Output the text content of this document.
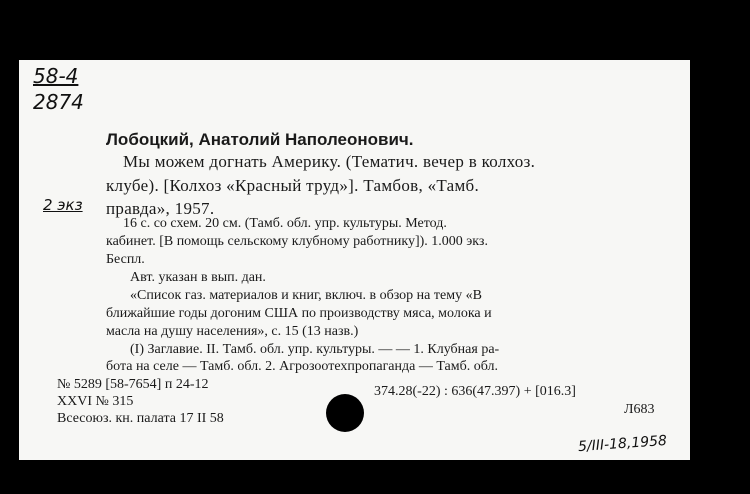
58-4
2874
2 экз
Лобоцкий, Анатолий Наполеонович.
Мы можем догнать Америку. (Тематич. вечер в колхоз.
клубе). [Колхоз «Красный труд»]. Тамбов, «Тамб.
правда», 1957.
16 с. со схем. 20 см. (Тамб. обл. упр. культуры. Метод.
кабинет. [В помощь сельскому клубному работнику]). 1.000 экз.
Беспл.
Авт. указан в вып. дан.
«Список газ. материалов и книг, включ. в обзор на тему «В
ближайшие годы догоним США по производству мяса, молока и
масла на душу населения», с. 15 (13 назв.)
(I) Заглавие. II. Тамб. обл. упр. культуры. — — 1. Клубная ра-
бота на селе — Тамб. обл. 2. Агрозоотехпропаганда — Тамб. обл.
№ 5289 [58-7654] п 24-12
XXVI № 315
Всесоюз. кн. палата 17 II 58
374.28(-22) : 636(47.397) + [016.3]
Л683
5/III-18,1958
